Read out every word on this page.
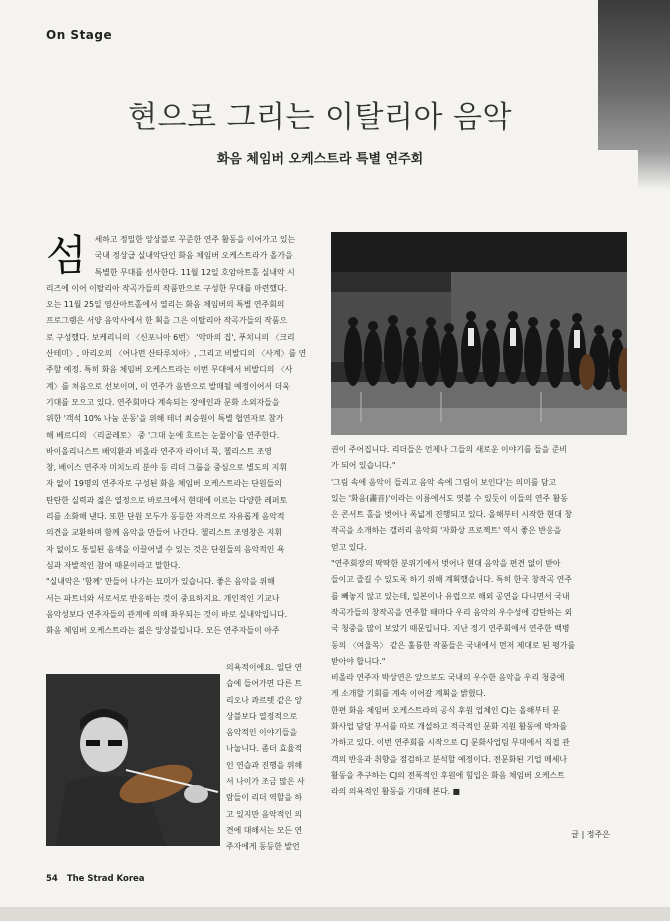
On Stage
현으로 그리는 이탈리아 음악
화음 체임버 오케스트라 특별 연주회
섬 세하고 정밀한 앙상블로 꾸준한 연주 활동을 이어가고 있는

국내 정상급 실내악단인 화음 체임버 오케스트라가 올가을

특별한 무대를 선사한다. 11월 12일 호암아트홀 실내악 시

리즈에 이어 이탈리아 작곡가들의 작품만으로 구성한 무대를 마련했다.

오는 11월 25일 영산아트홀에서 열리는 화음 체임버의 특별 연주회의

프로그램은 서양 음악사에서 한 획을 그은 이탈리아 작곡가들의 작품으

로 구성했다. 보케리니의 〈신포니아 6번〉 '악마의 집', 푸치니의 〈크리

산테미〉, 마리오의 〈어나먼 산타루치아〉, 그리고 비발디의 〈사계〉를 연

주할 예정. 특히 화음 체임버 오케스트라는 이번 무대에서 비발디의 〈사

계〉를 처음으로 선보이며, 이 연주가 음반으로 발매될 예정이어서 더욱

기대를 모으고 있다. 연주회마다 계속되는 장애인과 문화 소외자들을

위한 '객석 10% 나눔 운동'을 위해 테너 최승원이 특별 협연자로 참가

해 베르디의 〈리골레토〉 중 '그대 눈에 흐르는 눈물이'를 연주한다.

바이올리니스트 배익환과 비올라 연주자 라이너 묵, 첼리스트 조영

창, 베이스 연주자 미치노리 분야 등 리더 그룹을 중심으로 별도의 지휘

자 없이 19명의 연주자로 구성된 화음 체임버 오케스트라는 단원들의

탄탄한 실력과 젊은 열정으로 바로크에서 현대에 이르는 다양한 레퍼토

리를 소화해 낸다. 또한 단원 모두가 동등한 자격으로 자유롭게 음악적

의견을 교환하며 함께 음악을 만들어 나간다. 첼리스트 조영창은 지휘

자 없이도 통일된 음색을 이끌어낼 수 있는 것은 단원들의 음악적인 욕

심과 자발적인 참여 때문이라고 말한다.

"실내악은 '함께' 만들어 나가는 묘미가 있습니다. 좋은 음악을 위해

서는 파트너와 서로서로 반응하는 것이 중요하지요. 개인적인 기교나

음악성보다 연주자들의 관계에 의해 좌우되는 것이 바로 실내악입니다.

화음 체임버 오케스트라는 젊은 앙상블입니다. 모든 연주자들이 아주

의욕적이에요. 일단 연

습에 들어가면 다른 트

리오나 콰르텟 같은 앙

상블보다 열정적으로

음악적인 이야기들을

나눕니다. 좀더 효율적

인 연습과 진행을 위해

서 나이가 조금 많은 사

람들이 리더 역할을 하

고 있지만 음악적인 의

견에 대해서는 모든 연

주자에게 동등한 발언

권이 주어집니다. 리더들은 언제나 그들의 새로운 이야기를 들을 준비

가 되어 있습니다."

'그림 속에 음악이 들리고 음악 속에 그림이 보인다'는 의미를 담고

있는 '화음(畵音)'이라는 이름에서도 엿볼 수 있듯이 이들의 연주 활동

은 콘서트 홀을 벗어나 폭넓게 진행되고 있다. 올해부터 시작한 현대 창

작곡을 소개하는 갤러리 음악회 '자화상 프로젝트' 역시 좋은 반응을

얻고 있다.

"연주회장의 딱딱한 분위기에서 벗어나 현대 음악을 편견 없이 받아

들이고 즐길 수 있도록 하기 위해 계획했습니다. 특히 한국 창작곡 연주

를 빼놓지 않고 있는데, 일본이나 유럽으로 해외 공연을 다니면서 국내

작곡가들의 창작곡을 연주할 때마다 우리 음악의 우수성에 감탄하는 외

국 청중을 많이 보았기 때문입니다. 지난 정기 연주회에서 연주한 백병

동의 〈여울목〉 같은 훌륭한 작품들은 국내에서 먼저 제대로 된 평가를

받아야 합니다."

비올라 연주자 박상연은 앞으로도 국내의 우수한 음악을 우리 청중에

게 소개할 기회를 계속 이어갈 계획을 밝혔다.

한편 화음 체임버 오케스트라의 공식 후원 업체인 CJ는 올해부터 문

화사업 담당 부서를 따로 개설하고 적극적인 문화 지원 활동에 박차를

가하고 있다. 이번 연주회를 시작으로 CJ 문화사업팀 무대에서 직접 관

객의 반응과 취향을 점검하고 분석할 예정이다. 전문화된 기업 메세나

활동을 추구하는 CJ의 전폭적인 후원에 힘입은 화음 체임버 오케스트

라의 의욕적인 활동을 기대해 본다. ■

글 | 정주은
54 The Strad Korea
